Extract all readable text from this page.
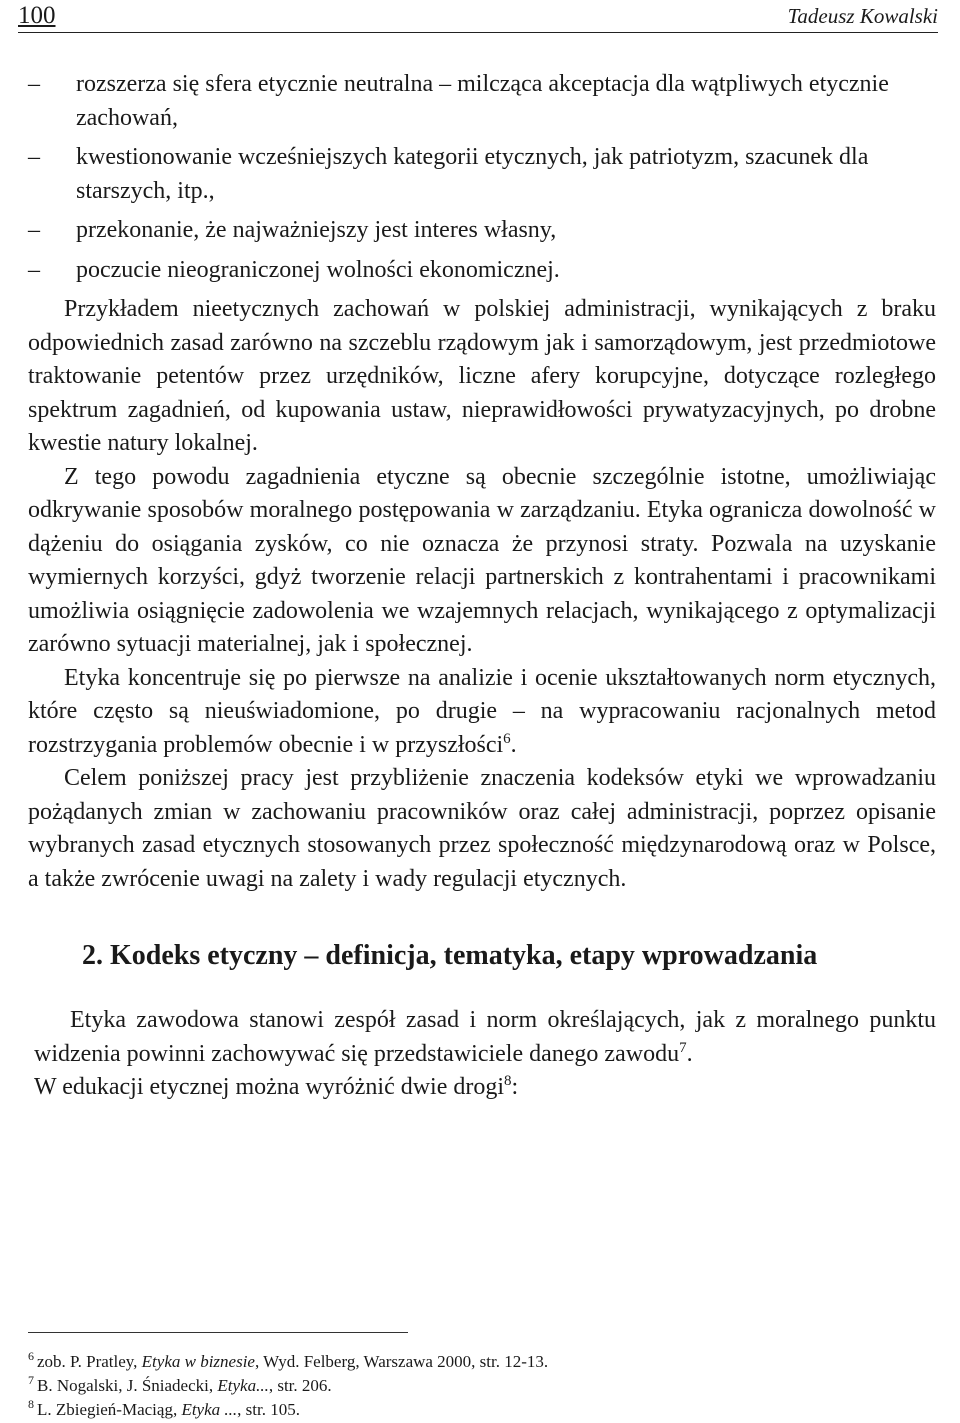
100	Tadeusz Kowalski
– rozszerza się sfera etycznie neutralna – milcząca akceptacja dla wątpliwych etycznie zachowań,
– kwestionowanie wcześniejszych kategorii etycznych, jak patriotyzm, szacunek dla starszych, itp.,
– przekonanie, że najważniejszy jest interes własny,
– poczucie nieograniczonej wolności ekonomicznej.

Przykładem nieetycznych zachowań w polskiej administracji, wynikających z braku odpowiednich zasad zarówno na szczeblu rządowym jak i samorządowym, jest przedmiotowe traktowanie petentów przez urzędników, liczne afery korupcyjne, dotyczące rozległego spektrum zagadnień, od kupowania ustaw, nieprawidłowości prywatyzacyjnych, po drobne kwestie natury lokalnej.

Z tego powodu zagadnienia etyczne są obecnie szczególnie istotne, umożliwiając odkrywanie sposobów moralnego postępowania w zarządzaniu. Etyka ogranicza dowolność w dążeniu do osiągania zysków, co nie oznacza że przynosi straty. Pozwala na uzyskanie wymiernych korzyści, gdyż tworzenie relacji partnerskich z kontrahentami i pracownikami umożliwia osiągnięcie zadowolenia we wzajemnych relacjach, wynikającego z optymalizacji zarówno sytuacji materialnej, jak i społecznej.

Etyka koncentruje się po pierwsze na analizie i ocenie ukształtowanych norm etycznych, które często są nieuświadomione, po drugie – na wypracowaniu racjonalnych metod rozstrzygania problemów obecnie i w przyszłości$^6$.

Celem poniższej pracy jest przybliżenie znaczenia kodeksów etyki we wprowadzaniu pożądanych zmian w zachowaniu pracowników oraz całej administracji, poprzez opisanie wybranych zasad etycznych stosowanych przez społeczność międzynarodową oraz w Polsce, a także zwrócenie uwagi na zalety i wady regulacji etycznych.

2. Kodeks etyczny – definicja, tematyka, etapy wprowadzania

Etyka zawodowa stanowi zespół zasad i norm określających, jak z moralnego punktu widzenia powinni zachowywać się przedstawiciele danego zawodu$^7$.

W edukacji etycznej można wyróżnić dwie drogi$^8$:

$^6$ zob. P. Pratley, Etyka w biznesie, Wyd. Felberg, Warszawa 2000, str. 12-13.
$^7$ B. Nogalski, J. Śniadecki, Etyka..., str. 206.
$^8$ L. Zbiegień-Maciąg, Etyka ..., str. 105.
